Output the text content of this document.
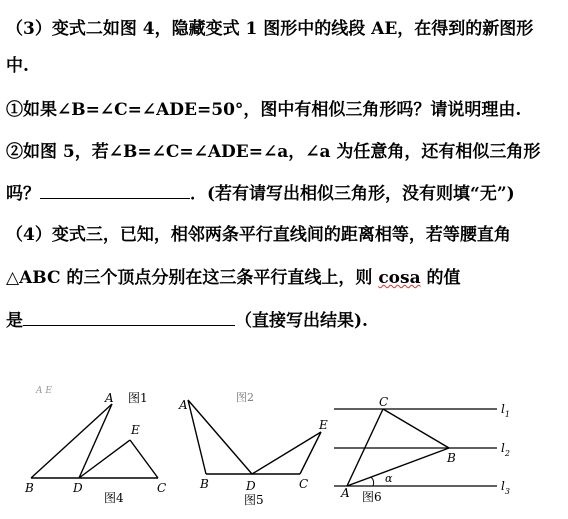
（3）变式二如图 4，隐藏变式 1 图形中的线段 AE，在得到的新图形
中.
①如果∠B=∠C=∠ADE=50°，图中有相似三角形吗？请说明理由.
②如图 5，若∠B=∠C=∠ADE=∠a，∠a 为任意角，还有相似三角形
吗？	．(若有请写出相似三角形，没有则填“无”)
（4）变式三，已知，相邻两条平行直线间的距离相等，若等腰直角
△ABC 的三个顶点分别在这三条平行直线上，则 cosa 的值
是	（直接写出结果).
A E	A
B	D	C
E
图1
图4
A
B	D	C
E
图2
图5
C
B
A
α
$l_1$
$l_2$
$l_3$
图6
